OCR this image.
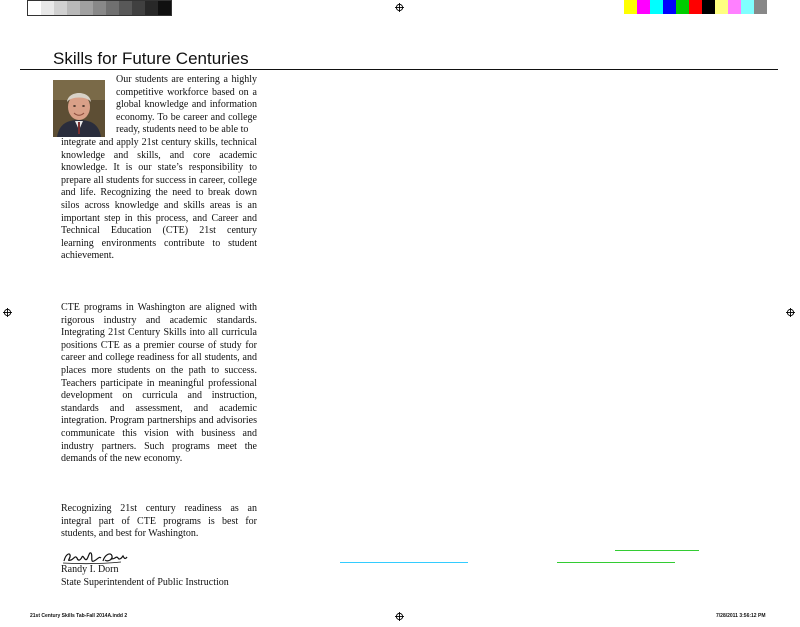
Skills for Future Centuries

Our students are entering a highly competitive workforce based on a global knowledge and information economy. To be career and college ready, students need to be able to
integrate and apply 21st century skills, technical knowledge and skills, and core academic knowledge. It is our state’s responsibility to prepare all students for success in career, college and life. Recognizing the need to break down silos across knowledge and skills areas is an important step in this process, and Career and Technical Education (CTE) 21st century learning environments contribute to student achievement.

CTE programs in Washington are aligned with rigorous industry and academic standards. Integrating 21st Century Skills into all curricula positions CTE as a premier course of study for career and college readiness for all students, and places more students on the path to success. Teachers participate in meaningful professional development on curricula and instruction, standards and assessment, and academic integration. Program partnerships and advisories communicate this vision with business and industry partners. Such programs meet the demands of the new economy.

Recognizing 21st century readiness as an integral part of CTE programs is best for students, and best for Washington.

Randy I. Dorn

State Superintendent of Public Instruction

21st Century Skills Tab-Fall 2014A.indd 2	7/28/2011 3:56:12 PM
